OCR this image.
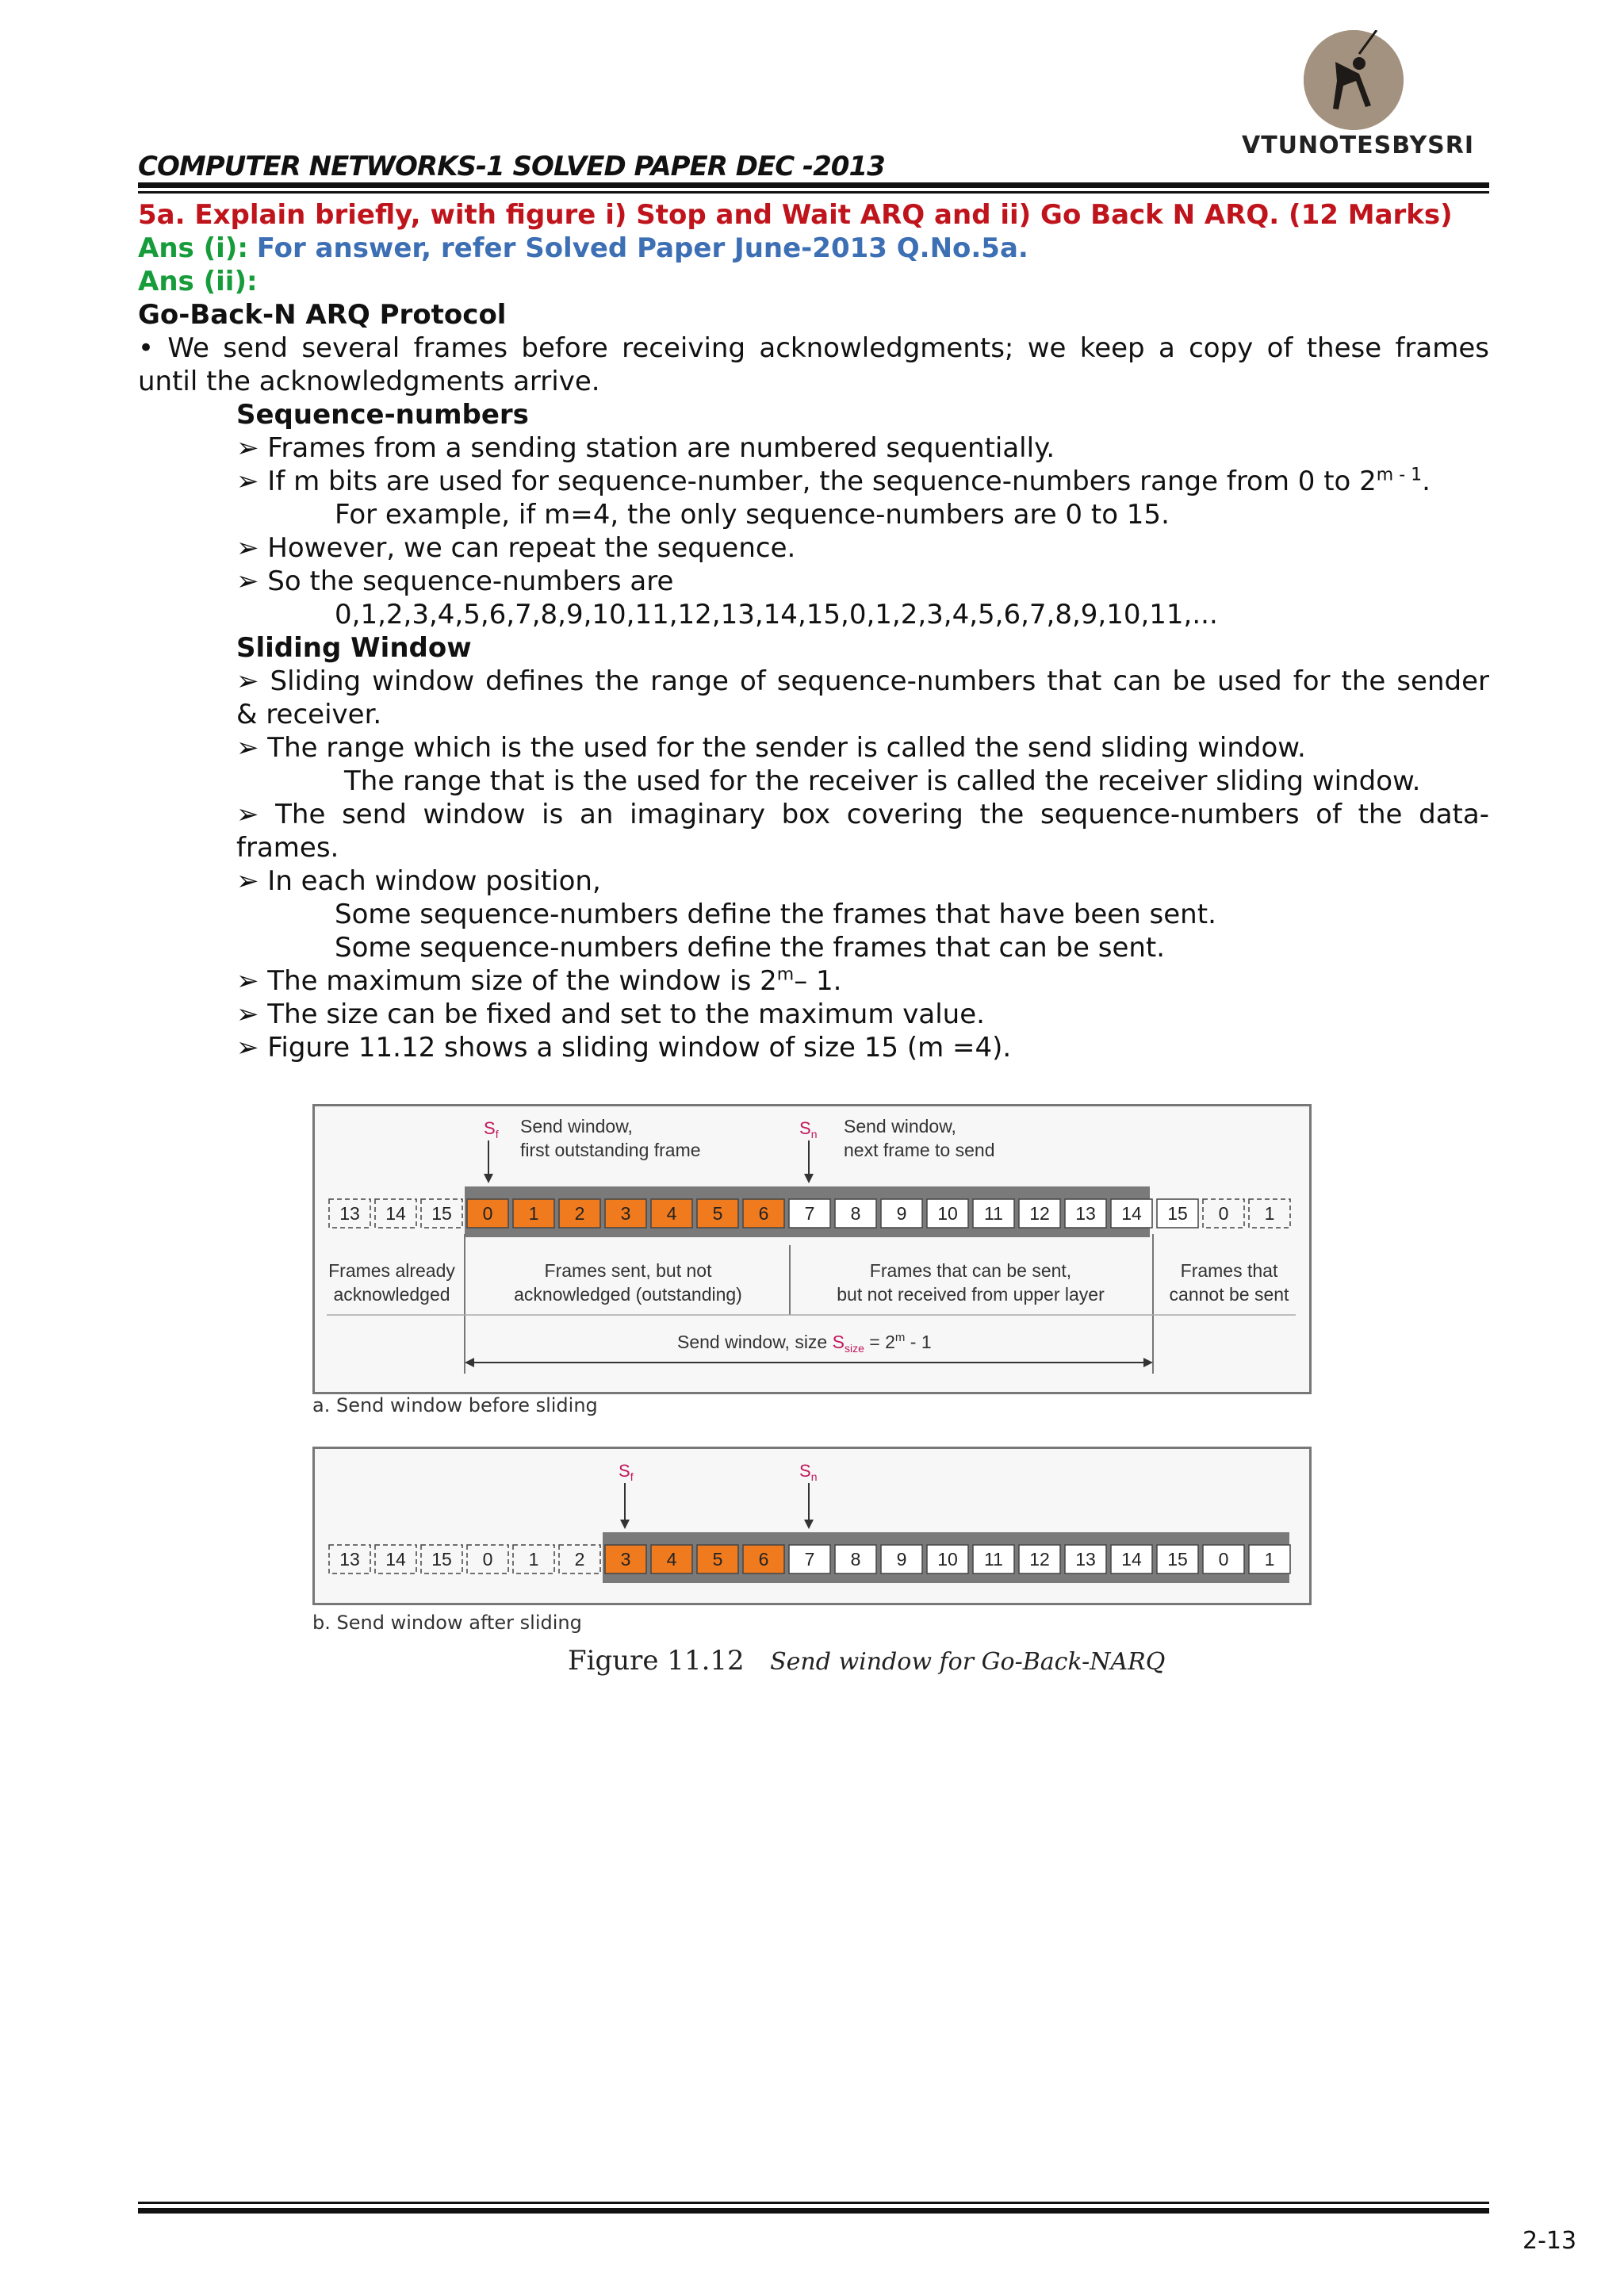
VTUNOTESBYSRI
COMPUTER NETWORKS-1 SOLVED PAPER DEC -2013
5a. Explain briefly, with figure i) Stop and Wait ARQ and ii) Go Back N ARQ. (12 Marks)
Ans (i): For answer, refer Solved Paper June-2013 Q.No.5a.
Ans (ii):
Go-Back-N ARQ Protocol
• We send several frames before receiving acknowledgments; we keep a copy of these frames
until the acknowledgments arrive.
Sequence-numbers
➢ Frames from a sending station are numbered sequentially.
➢ If m bits are used for sequence-number, the sequence-numbers range from 0 to 2$^{m - 1}$.
For example, if m=4, the only sequence-numbers are 0 to 15.
➢ However, we can repeat the sequence.
➢ So the sequence-numbers are
0,1,2,3,4,5,6,7,8,9,10,11,12,13,14,15,0,1,2,3,4,5,6,7,8,9,10,11,...
Sliding Window
➢ Sliding window defines the range of sequence-numbers that can be used for the sender
& receiver.
➢ The range which is the used for the sender is called the send sliding window.
The range that is the used for the receiver is called the receiver sliding window.
➢ The send window is an imaginary box covering the sequence-numbers of the data-
frames.
➢ In each window position,
Some sequence-numbers define the frames that have been sent.
Some sequence-numbers define the frames that can be sent.
➢ The maximum size of the window is 2$^m$– 1.
➢ The size can be fixed and set to the maximum value.
➢ Figure 11.12 shows a sliding window of size 15 (m =4).
$S_f$ Send window,
first outstanding frame
$S_n$ Send window,
next frame to send
13 14 15 0 1 2 3 4 5 6 7 8 9 10 11 12 13 14 15 0 1
Frames already
acknowledged
Frames sent, but not
acknowledged (outstanding)
Frames that can be sent,
but not received from upper layer
Frames that
cannot be sent
Send window, size $S_{size} = 2^m - 1$
a. Send window before sliding
$S_f$	$S_n$
13 14 15 0 1 2 3 4 5 6 7 8 9 10 11 12 13 14 15 0 1
b. Send window after sliding
Figure 11.12 Send window for Go-Back-NARQ
2-13
